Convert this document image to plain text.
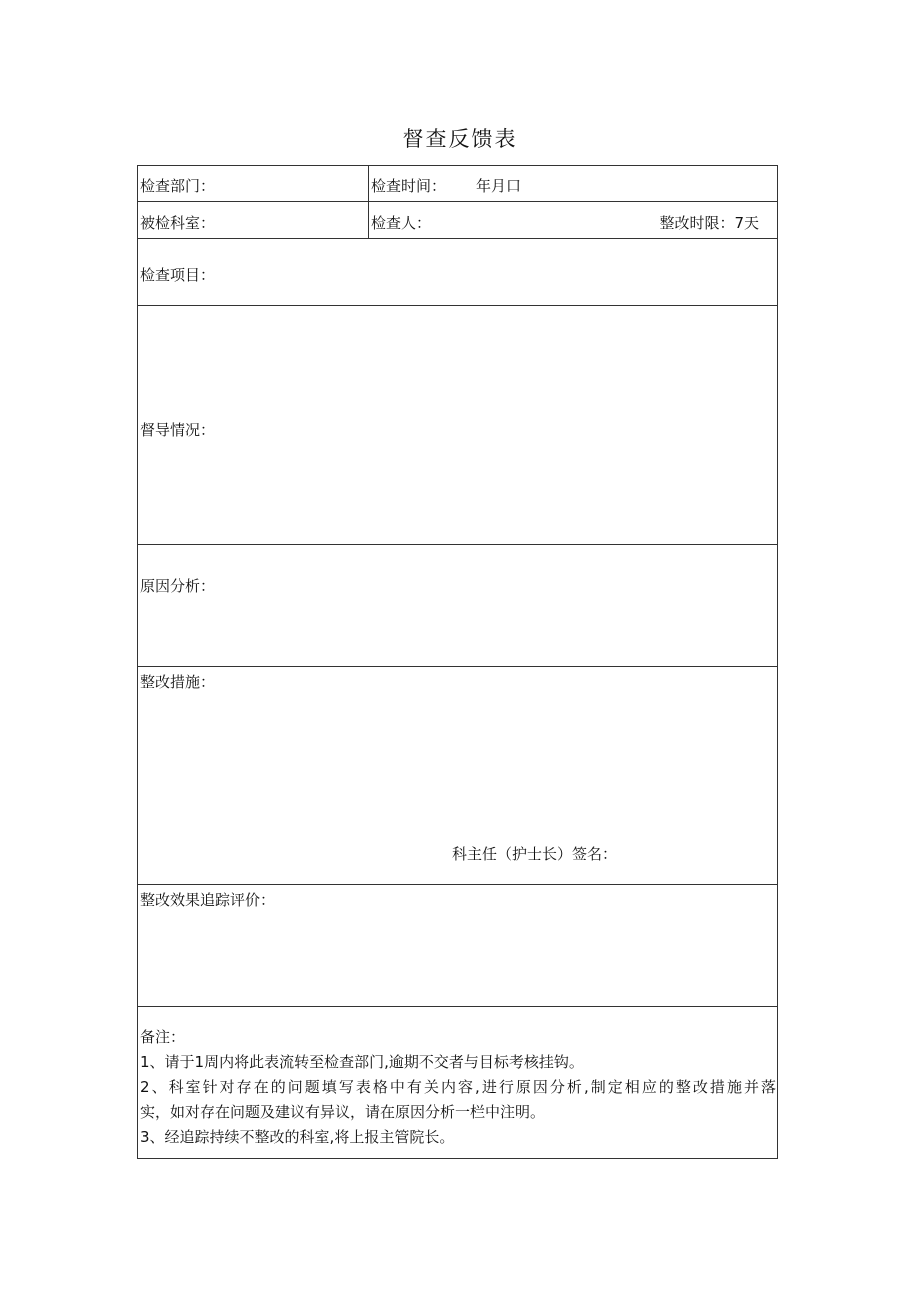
督查反馈表
检查部门：	检查时间： 年月口
被检科室：	检查人：	整改时限：7天
检查项目：
督导情况：
原因分析：
整改措施：
科主任（护士长）签名：
整改效果追踪评价：
备注：
1、请于1周内将此表流转至检查部门,逾期不交者与目标考核挂钩。
2、科室针对存在的问题填写表格中有关内容,进行原因分析,制定相应的整改措施并落
实，如对存在问题及建议有异议，请在原因分析一栏中注明。
3、经追踪持续不整改的科室,将上报主管院长。
